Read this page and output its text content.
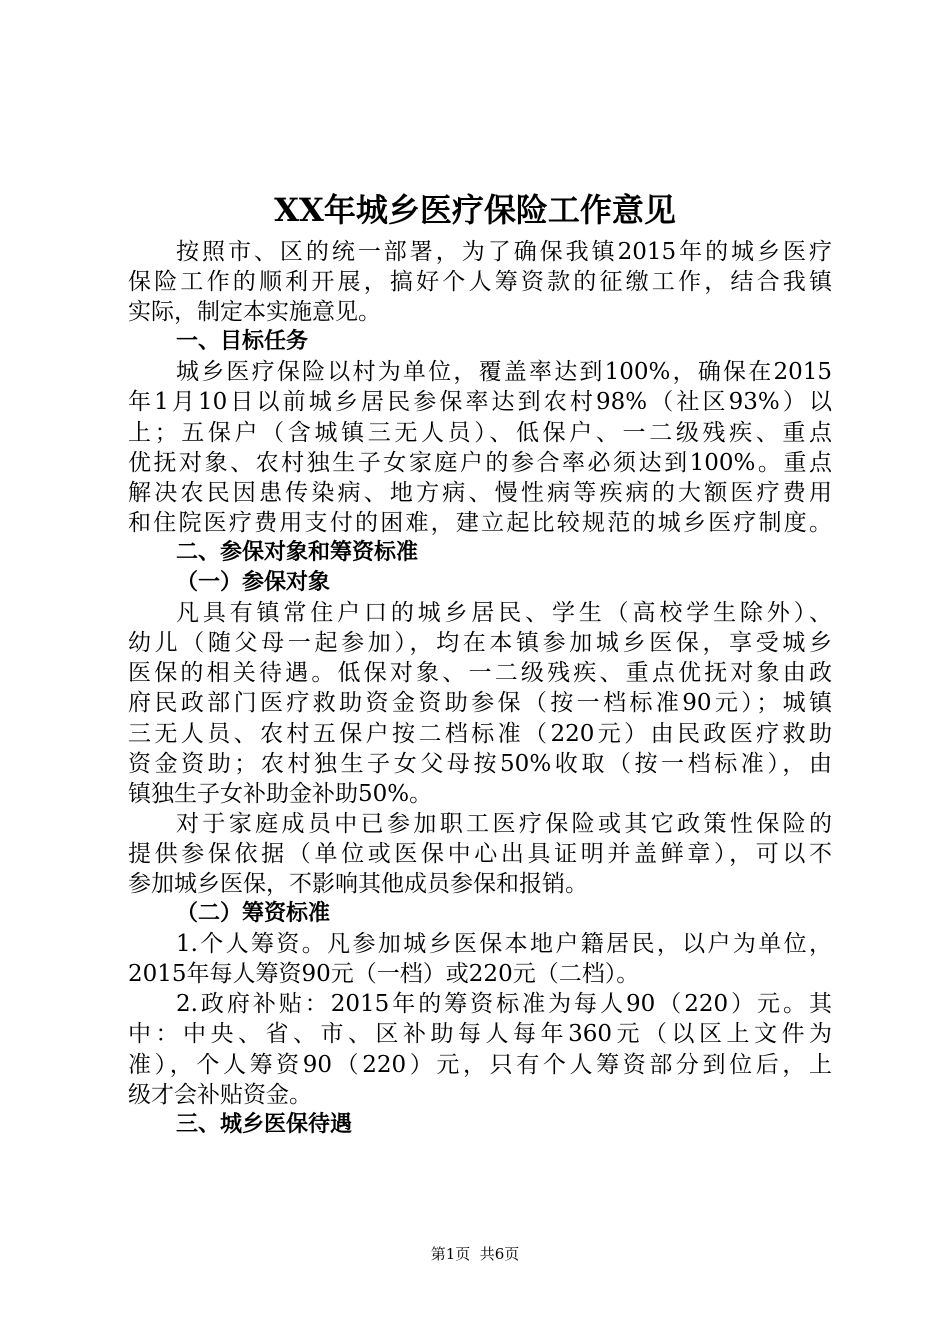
XX年城乡医疗保险工作意见
按照市、区的统一部署，为了确保我镇2015年的城乡医疗
保险工作的顺利开展，搞好个人筹资款的征缴工作，结合我镇
实际，制定本实施意见。
一、目标任务
城乡医疗保险以村为单位，覆盖率达到100%，确保在2015
年1月10日以前城乡居民参保率达到农村98%（社区93%）以
上；五保户（含城镇三无人员）、低保户、一二级残疾、重点
优抚对象、农村独生子女家庭户的参合率必须达到100%。重点
解决农民因患传染病、地方病、慢性病等疾病的大额医疗费用
和住院医疗费用支付的困难，建立起比较规范的城乡医疗制度。
二、参保对象和筹资标准
（一）参保对象
凡具有镇常住户口的城乡居民、学生（高校学生除外）、
幼儿（随父母一起参加），均在本镇参加城乡医保，享受城乡
医保的相关待遇。低保对象、一二级残疾、重点优抚对象由政
府民政部门医疗救助资金资助参保（按一档标准90元）；城镇
三无人员、农村五保户按二档标准（220元）由民政医疗救助
资金资助；农村独生子女父母按50%收取（按一档标准），由
镇独生子女补助金补助50%。
对于家庭成员中已参加职工医疗保险或其它政策性保险的
提供参保依据（单位或医保中心出具证明并盖鲜章），可以不
参加城乡医保，不影响其他成员参保和报销。
（二）筹资标准
1.个人筹资。凡参加城乡医保本地户籍居民，以户为单位，
2015年每人筹资90元（一档）或220元（二档）。
2.政府补贴：2015年的筹资标准为每人90（220）元。其
中：中央、省、市、区补助每人每年360元（以区上文件为
准），个人筹资90（220）元，只有个人筹资部分到位后，上
级才会补贴资金。
三、城乡医保待遇
第1页  共6页
